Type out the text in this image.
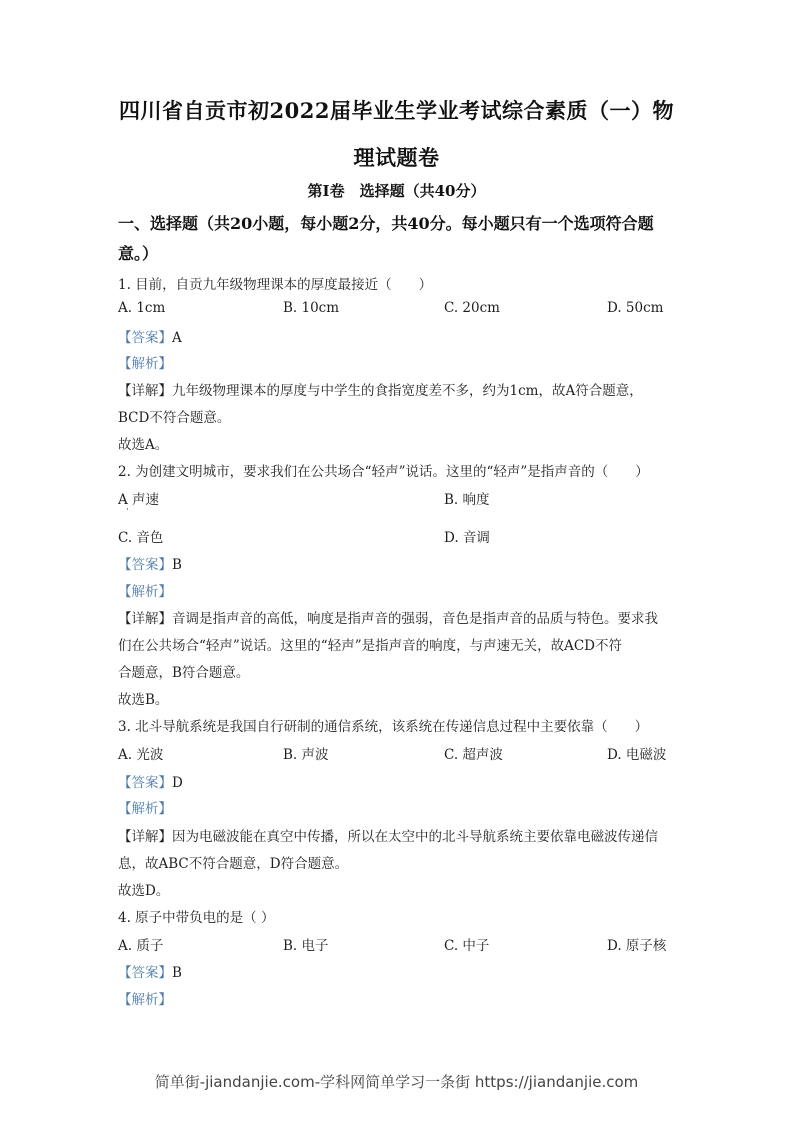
四川省自贡市初2022届毕业生学业考试综合素质（一）物
理试题卷
第Ⅰ卷　选择题（共40分）
一、选择题（共20小题，每小题2分，共40分。每小题只有一个选项符合题
意。）
1. 目前，自贡九年级物理课本的厚度最接近（　　）
A. 1cm	B. 10cm	C. 20cm	D. 50cm
【答案】A
【解析】
【详解】九年级物理课本的厚度与中学生的食指宽度差不多，约为1cm，故A符合题意，
BCD不符合题意。
故选A。
2. 为创建文明城市，要求我们在公共场合“轻声”说话。这里的“轻声”是指声音的（　　）
A 声速	B. 响度
C. 音色	D. 音调
【答案】B
【解析】
【详解】音调是指声音的高低，响度是指声音的强弱，音色是指声音的品质与特色。要求我
们在公共场合“轻声”说话。这里的“轻声”是指声音的响度，与声速无关，故ACD不符
合题意，B符合题意。
故选B。
3. 北斗导航系统是我国自行研制的通信系统，该系统在传递信息过程中主要依靠（　　）
A. 光波	B. 声波	C. 超声波	D. 电磁波
【答案】D
【解析】
【详解】因为电磁波能在真空中传播，所以在太空中的北斗导航系统主要依靠电磁波传递信
息，故ABC不符合题意，D符合题意。
故选D。
4. 原子中带负电的是（ ）
A. 质子	B. 电子	C. 中子	D. 原子核
【答案】B
【解析】
简单街-jiandanjie.com-学科网简单学习一条街 https://jiandanjie.com
